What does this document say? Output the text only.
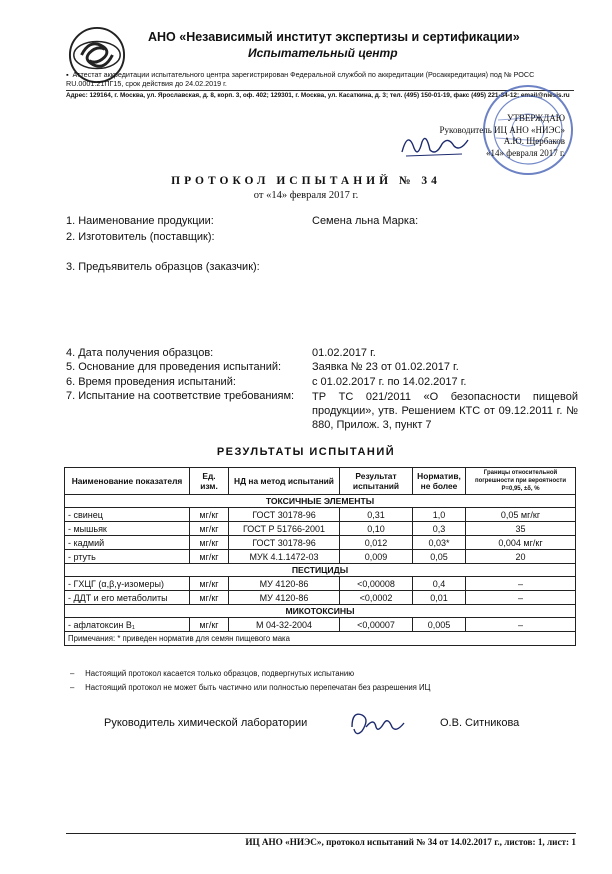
АНО «Независимый институт экспертизы и сертификации»
Испытательный центр
▪  Аттестат аккредитации испытательного центра зарегистрирован Федеральной службой по аккредитации (Росаккредитация) под № РОСС RU.0001.21ПГ15, срок действия до 24.02.2019 г.
Адрес: 129164, г. Москва, ул. Ярославская, д. 8, корп. 3, оф. 402; 129301, г. Москва, ул. Касаткина, д. 3; тел. (495) 150-01-19, факс (495) 221-34-12; email@niesis.ru
УТВЕРЖДАЮ
Руководитель ИЦ АНО «НИЭС»
А.Ю. Щербаков
«14» февраля 2017 г.
ПРОТОКОЛ ИСПЫТАНИЙ № 34
от «14» февраля 2017 г.
1. Наименование продукции:	Семена льна Марка:
2. Изготовитель (поставщик):
3. Предъявитель образцов (заказчик):
4. Дата получения образцов:	01.02.2017 г.
5. Основание для проведения испытаний:	Заявка № 23 от 01.02.2017 г.
6. Время проведения испытаний:	с 01.02.2017 г. по 14.02.2017 г.
7. Испытание на соответствие требованиям: ТР ТС 021/2011 «О безопасности пищевой продукции», утв. Решением КТС от 09.12.2011 г. № 880, Прилож. 3, пункт 7
РЕЗУЛЬТАТЫ ИСПЫТАНИЙ
Наименование показателя	Ед. изм.	НД на метод испытаний	Результат испытаний	Норматив, не более	Границы относительной погрешности при вероятности Р=0,95, ±δ, %
ТОКСИЧНЫЕ ЭЛЕМЕНТЫ					
- свинец	мг/кг	ГОСТ 30178-96	0,31	1,0	0,05 мг/кг
- мышьяк	мг/кг	ГОСТ Р 51766-2001	0,10	0,3	35
- кадмий	мг/кг	ГОСТ 30178-96	0,012	0,03*	0,004 мг/кг
- ртуть	мг/кг	МУК 4.1.1472-03	0,009	0,05	20
ПЕСТИЦИДЫ					
- ГХЦГ (α,β,γ-изомеры)	мг/кг	МУ 4120-86	<0,00008	0,4	–
- ДДТ и его метаболиты	мг/кг	МУ 4120-86	<0,0002	0,01	–
МИКОТОКСИНЫ					
- афлатоксин В₁	мг/кг	М 04-32-2004	<0,00007	0,005	–
Примечания: * приведен норматив для семян пищевого мака					
–     Настоящий протокол касается только образцов, подвергнутых испытанию
–     Настоящий протокол не может быть частично или полностью перепечатан без разрешения ИЦ
Руководитель химической лаборатории	О.В. Ситникова
ИЦ АНО «НИЭС», протокол испытаний № 34 от 14.02.2017 г., листов: 1, лист: 1
